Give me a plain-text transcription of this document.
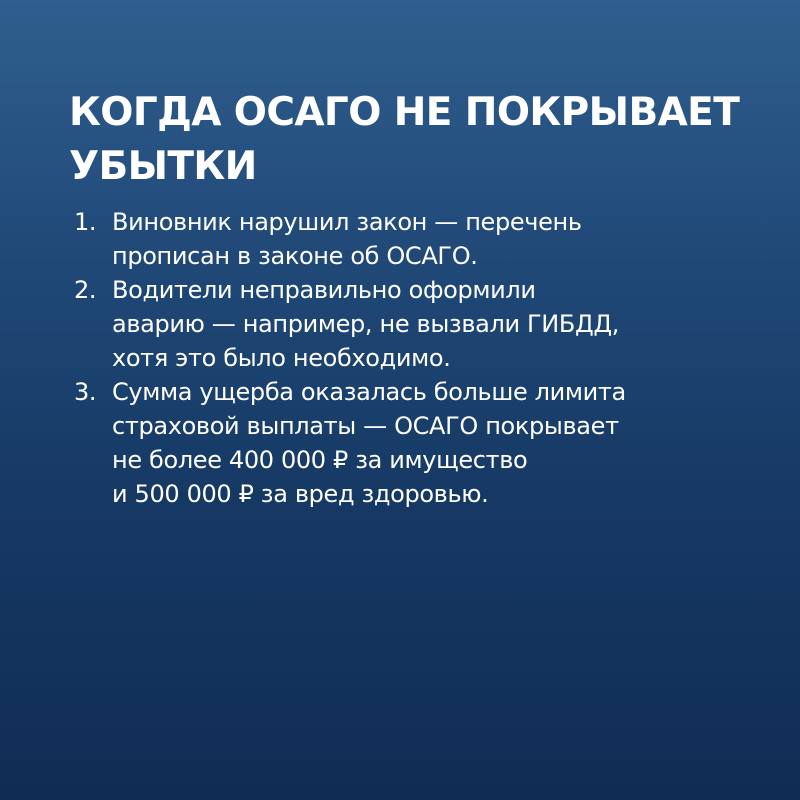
КОГДА ОСАГО НЕ ПОКРЫВАЕТ УБЫТКИ
1. Виновник нарушил закон — перечень
прописан в законе об ОСАГО.
2. Водители неправильно оформили
аварию — например, не вызвали ГИБДД,
хотя это было необходимо.
3. Сумма ущерба оказалась больше лимита
страховой выплаты — ОСАГО покрывает
не более 400 000 ₽ за имущество
и 500 000 ₽ за вред здоровью.
